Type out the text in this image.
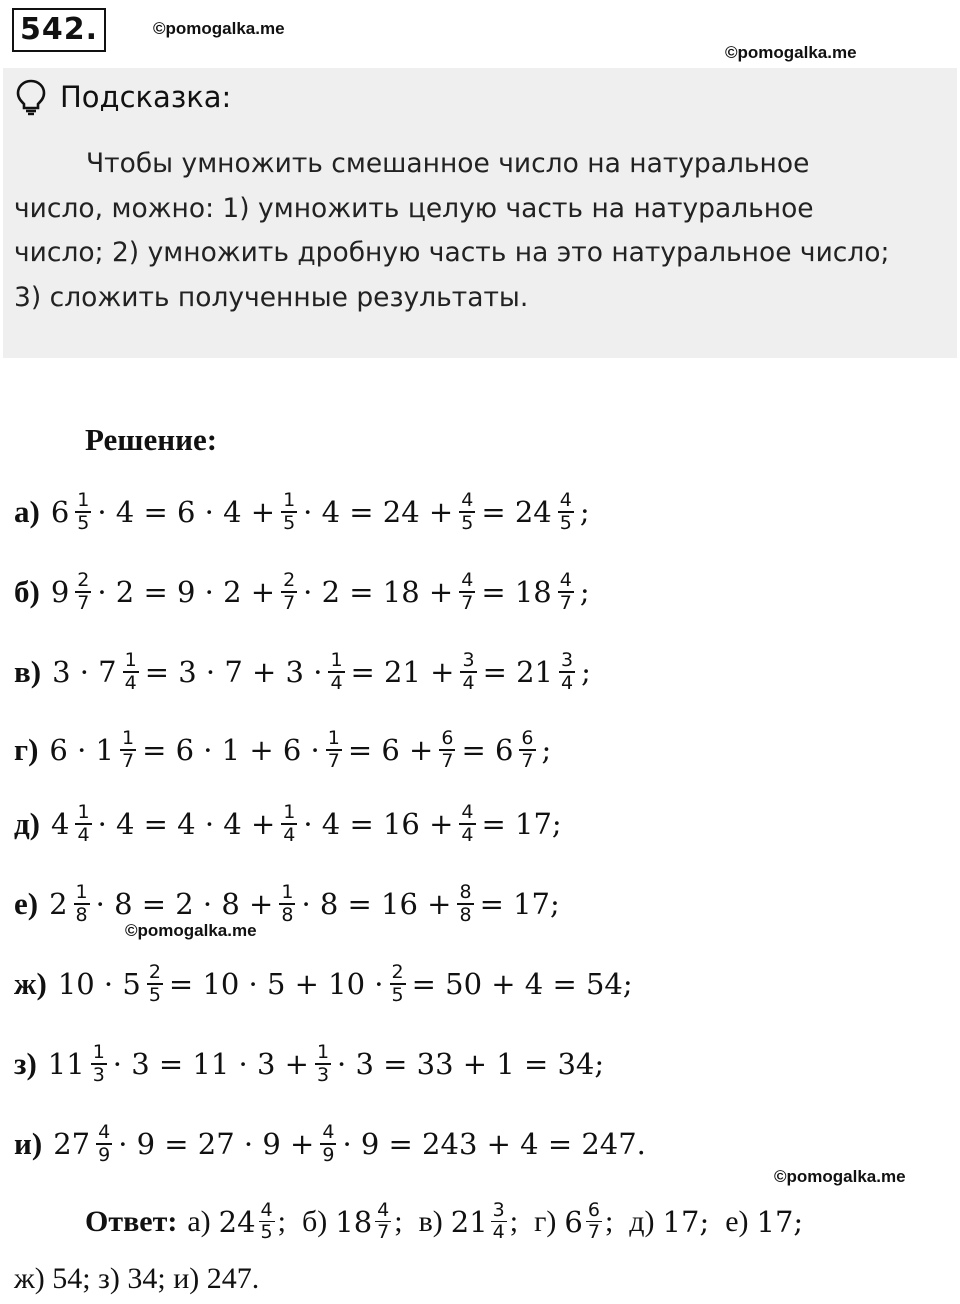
542.	©pomogalka.me
©pomogalka.me
Подсказка:
Чтобы умножить смешанное число на натуральное
число, можно: 1) умножить целую часть на натуральное
число; 2) умножить дробную часть на это натуральное число;
3) сложить полученные результаты.
Решение:
а) $6 \frac{1}{5} \cdot 4 = 6 \cdot 4 + \frac{1}{5} \cdot 4 = 24 + \frac{4}{5} = 24 \frac{4}{5}$ ;
б) $9 \frac{2}{7} \cdot 2 = 9 \cdot 2 + \frac{2}{7} \cdot 2 = 18 + \frac{4}{7} = 18 \frac{4}{7}$ ;
в) $3 \cdot 7 \frac{1}{4} = 3 \cdot 7 + 3 \cdot \frac{1}{4} = 21 + \frac{3}{4} = 21 \frac{3}{4}$ ;
г) $6 \cdot 1 \frac{1}{7} = 6 \cdot 1 + 6 \cdot \frac{1}{7} = 6 + \frac{6}{7} = 6 \frac{6}{7}$ ;
д) $4 \frac{1}{4} \cdot 4 = 4 \cdot 4 + \frac{1}{4} \cdot 4 = 16 + \frac{4}{4} = 17$;
е) $2 \frac{1}{8} \cdot 8 = 2 \cdot 8 + \frac{1}{8} \cdot 8 = 16 + \frac{8}{8} = 17$;
ж) $10 \cdot 5 \frac{2}{5} = 10 \cdot 5 + 10 \cdot \frac{2}{5} = 50 + 4 = 54$;
з) $11 \frac{1}{3} \cdot 3 = 11 \cdot 3 + \frac{1}{3} \cdot 3 = 33 + 1 = 34$;
и) $27 \frac{4}{9} \cdot 9 = 27 \cdot 9 + \frac{4}{9} \cdot 9 = 243 + 4 = 247$.
©pomogalka.me
©pomogalka.me
Ответ: а) $24 \frac{4}{5}$ ; б) $18 \frac{4}{7}$ ; в) $21 \frac{3}{4}$ ; г) $6 \frac{6}{7}$ ; д) 17; е) 17;
ж) 54; з) 34; и) 247.
